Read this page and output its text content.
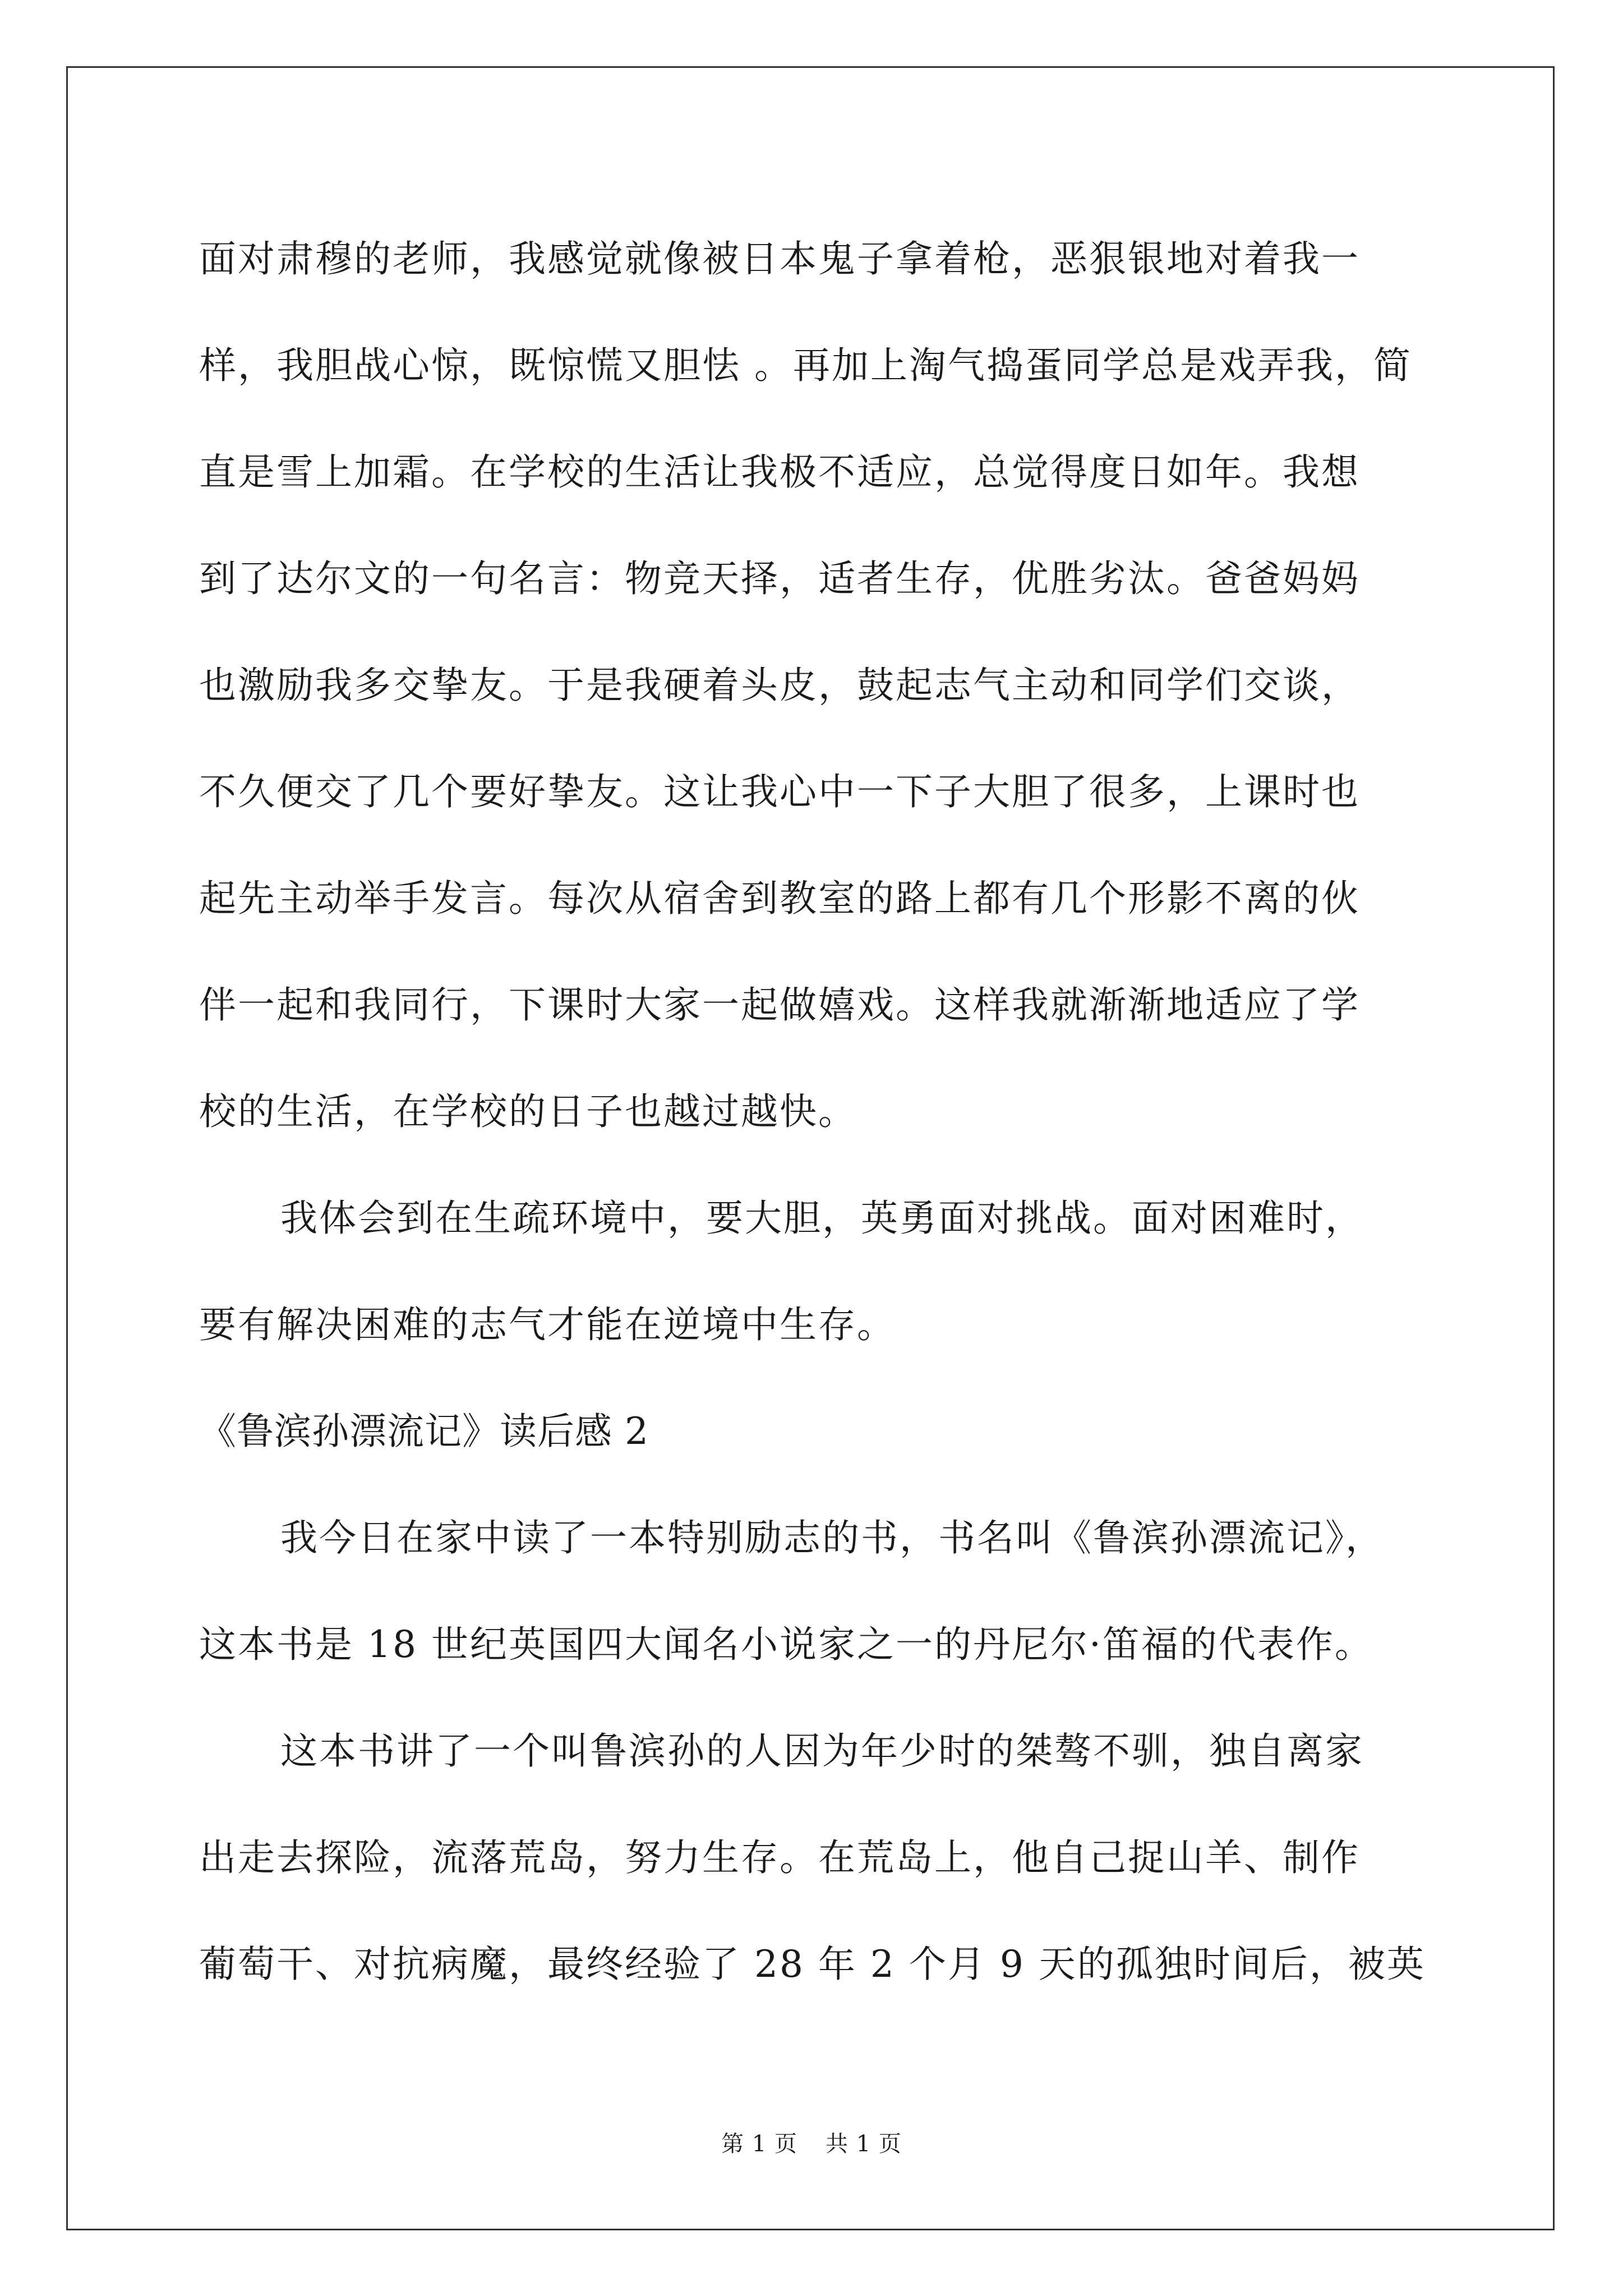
面对肃穆的老师，我感觉就像被日本鬼子拿着枪，恶狠银地对着我一
样，我胆战心惊，既惊慌又胆怯 。再加上淘气捣蛋同学总是戏弄我，简
直是雪上加霜。在学校的生活让我极不适应，总觉得度日如年。我想
到了达尔文的一句名言：物竞天择，适者生存，优胜劣汰。爸爸妈妈
也激励我多交挚友。于是我硬着头皮，鼓起志气主动和同学们交谈，
不久便交了几个要好挚友。这让我心中一下子大胆了很多，上课时也
起先主动举手发言。每次从宿舍到教室的路上都有几个形影不离的伙
伴一起和我同行，下课时大家一起做嬉戏。这样我就渐渐地适应了学
校的生活，在学校的日子也越过越快。
我体会到在生疏环境中，要大胆，英勇面对挑战。面对困难时，
要有解决困难的志气才能在逆境中生存。
《鲁滨孙漂流记》读后感 2
我今日在家中读了一本特别励志的书，书名叫《鲁滨孙漂流记》，
这本书是 18 世纪英国四大闻名小说家之一的丹尼尔·笛福的代表作。
这本书讲了一个叫鲁滨孙的人因为年少时的桀骜不驯，独自离家
出走去探险，流落荒岛，努力生存。在荒岛上，他自己捉山羊、制作
葡萄干、对抗病魔，最终经验了 28 年 2 个月 9 天的孤独时间后，被英
第 1 页 共 1 页
